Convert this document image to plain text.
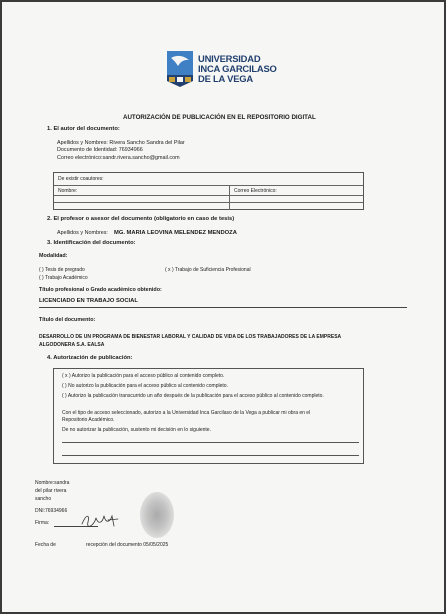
UNIVERSIDAD
INCA GARCILASO
DE LA VEGA
AUTORIZACIÓN DE PUBLICACIÓN EN EL REPOSITORIO DIGITAL
1. El autor del documento:
Apellidos y Nombres: Rivera Sancho Sandra del Pilar
Documento de Identidad: 76934966
Correo electrónico:sandr.rivera.sancho@gmail.com
De existir coautores:
Nombre:	Correo Electrónico:
2. El profesor o asesor del documento (obligatorio en caso de tesis)
Apellidos y Nombres: MG. MARIA LEOVINA MELENDEZ MENDOZA
3. Identificación del documento:
Modalidad:
( ) Tesis de pregrado
( ) Trabajo Académico
( x ) Trabajo de Suficiencia Profesional
Título profesional o Grado académico obtenido:
LICENCIADO EN TRABAJO SOCIAL
Título del documento:
DESARROLLO DE UN PROGRAMA DE BIENESTAR LABORAL Y CALIDAD DE VIDA DE LOS TRABAJADORES DE LA EMPRESA
ALGODONERA S.A. EALSA
4. Autorización de publicación:
( x ) Autorizo la publicación para el acceso público al contenido completo.
( ) No autorizo la publicación para el acceso público al contenido completo.
( ) Autorizo la publicación transcurrido un año después de la publicación para el acceso público al contenido completo.
Con el tipo de acceso seleccionado, autorizo a la Universidad Inca Garcilaso de la Vega a publicar mi obra en el
Repositorio Académico.
De no autorizar la publicación, sustento mi decisión en lo siguiente.
Nombre:sandra
del pilar rivera
sancho
DNI:76934966
Firma:
Fecha de	recepción del documento 05/05/2025
